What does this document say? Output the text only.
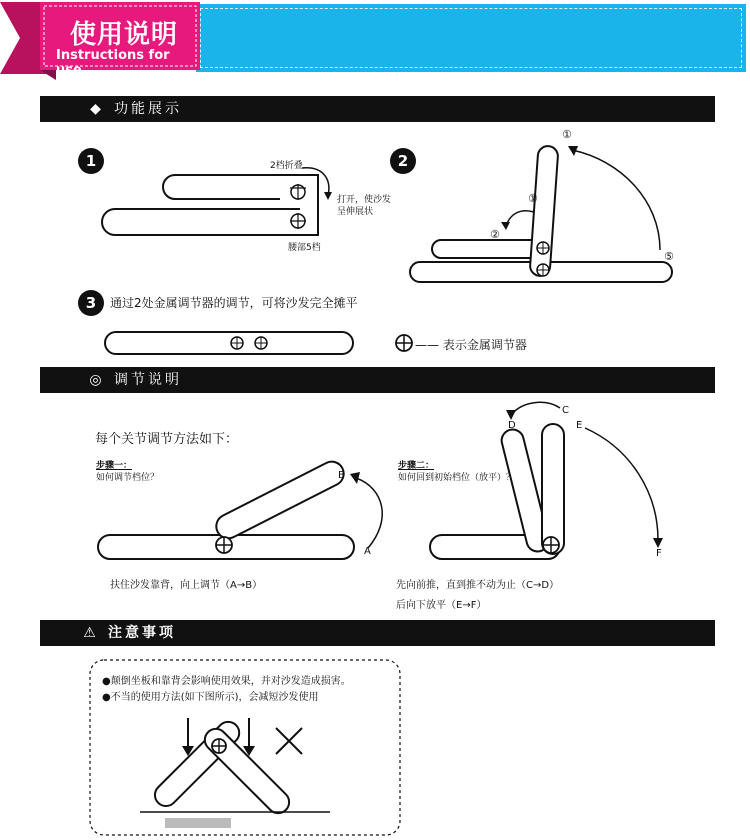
使用说明
Instructions for use
◆ 功能展示
1	2
3
2档折叠
打开，使沙发
呈伸展状
腰部5档
①
①
②
⑤
通过2处金属调节器的调节，可将沙发完全摊平
—— 表示金属调节器
◎ 调节说明
每个关节调节方法如下：
步骤一：
如何调节档位？
A
B
扶住沙发靠背，向上调节（A→B）
步骤二：
如何回到初始档位（放平）？
C
D	E
F
先向前推，直到推不动为止（C→D）
后向下放平（E→F）
⚠ 注意事项
●颠倒坐板和靠背会影响使用效果，并对沙发造成损害。
●不当的使用方法(如下图所示)，会减短沙发使用
